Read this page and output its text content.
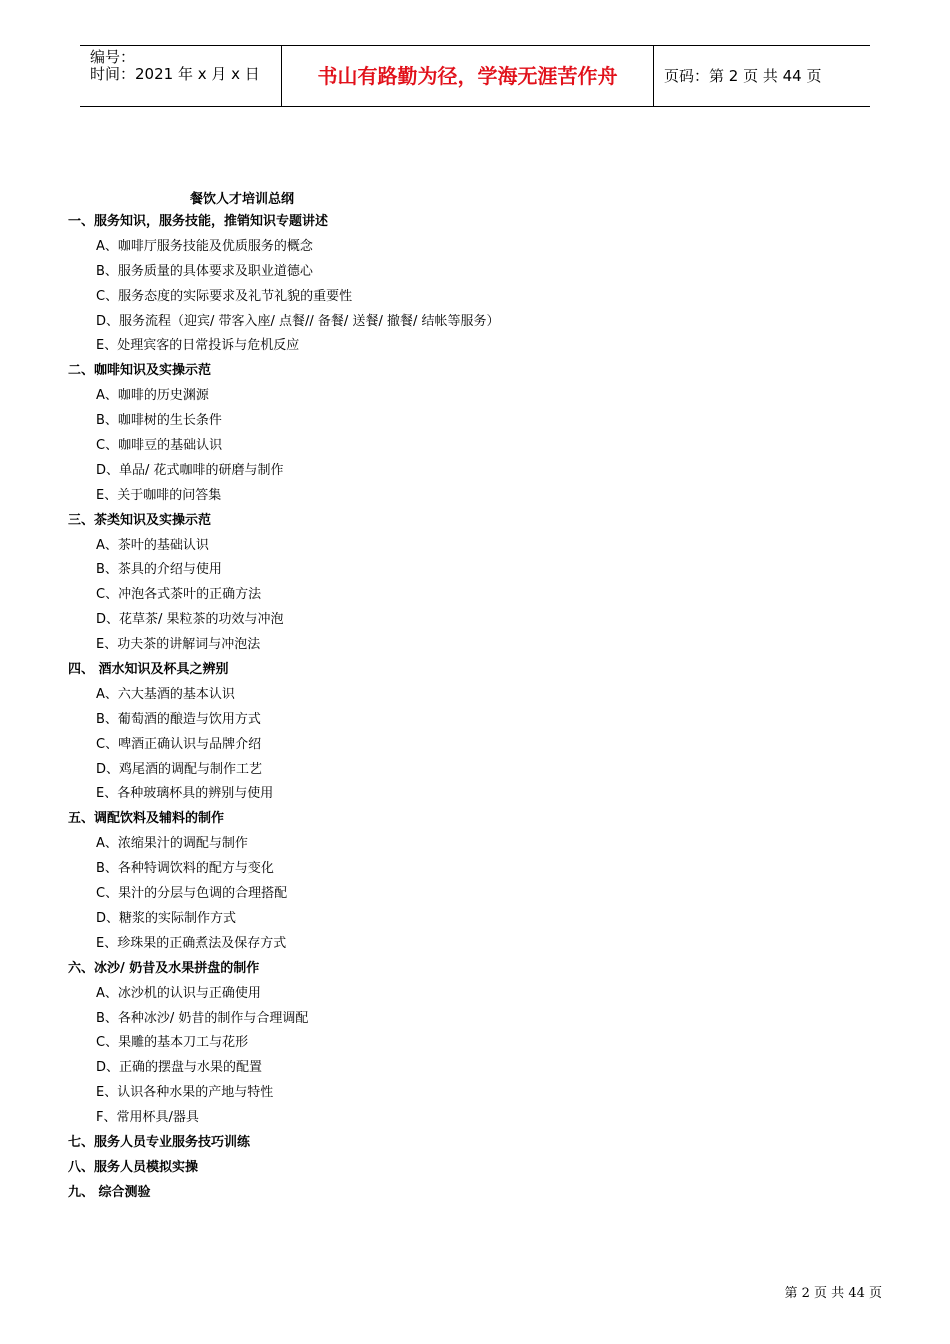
编号：
时间：2021 年 x 月 x 日	书山有路勤为径，学海无涯苦作舟	页码：第 2 页 共 44 页
餐饮人才培训总纲
一、服务知识，服务技能，推销知识专题讲述
A、咖啡厅服务技能及优质服务的概念
B、服务质量的具体要求及职业道德心
C、服务态度的实际要求及礼节礼貌的重要性
D、服务流程（迎宾/ 带客入座/ 点餐// 备餐/ 送餐/ 撤餐/ 结帐等服务）
E、处理宾客的日常投诉与危机反应
二、咖啡知识及实操示范
A、咖啡的历史渊源
B、咖啡树的生长条件
C、咖啡豆的基础认识
D、单品/ 花式咖啡的研磨与制作
E、关于咖啡的问答集
三、茶类知识及实操示范
A、茶叶的基础认识
B、茶具的介绍与使用
C、冲泡各式茶叶的正确方法
D、花草茶/ 果粒茶的功效与冲泡
E、功夫茶的讲解词与冲泡法
四、 酒水知识及杯具之辨别
A、六大基酒的基本认识
B、葡萄酒的酿造与饮用方式
C、啤酒正确认识与品牌介绍
D、鸡尾酒的调配与制作工艺
E、各种玻璃杯具的辨别与使用
五、调配饮料及辅料的制作
A、浓缩果汁的调配与制作
B、各种特调饮料的配方与变化
C、果汁的分层与色调的合理搭配
D、糖浆的实际制作方式
E、珍珠果的正确煮法及保存方式
六、冰沙/ 奶昔及水果拼盘的制作
A、冰沙机的认识与正确使用
B、各种冰沙/ 奶昔的制作与合理调配
C、果雕的基本刀工与花形
D、正确的摆盘与水果的配置
E、认识各种水果的产地与特性
F、常用杯具/器具
七、服务人员专业服务技巧训练
八、服务人员模拟实操
九、 综合测验
第 2 页 共 44 页
